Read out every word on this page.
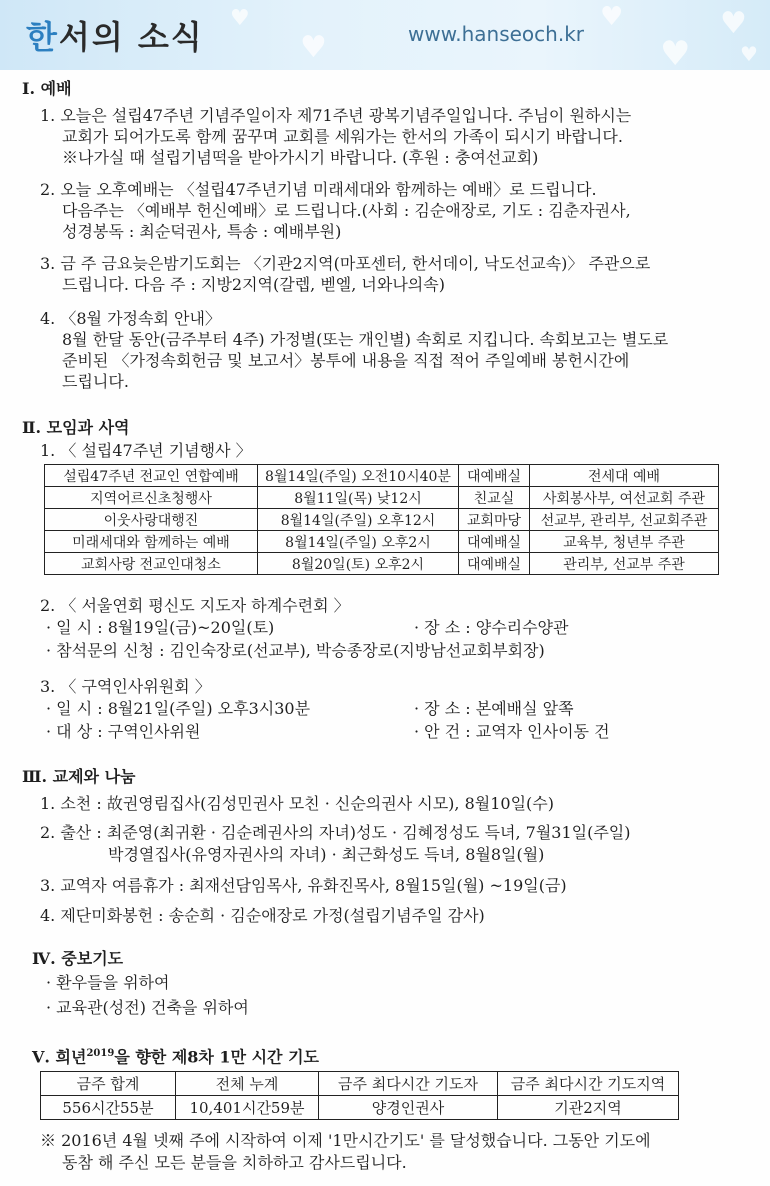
♥
♥
♥
♥
♥
♥
한서의 소식	www.hanseoch.kr
Ⅰ. 예배
1. 오늘은 설립47주년 기념주일이자 제71주년 광복기념주일입니다. 주님이 원하시는
교회가 되어가도록 함께 꿈꾸며 교회를 세워가는 한서의 가족이 되시기 바랍니다.
※나가실 때 설립기념떡을 받아가시기 바랍니다. (후원 : 충여선교회)
2. 오늘 오후예배는 〈설립47주년기념 미래세대와 함께하는 예배〉로 드립니다.
다음주는 〈예배부 헌신예배〉로 드립니다.(사회 : 김순애장로, 기도 : 김춘자권사,
성경봉독 : 최순덕권사, 특송 : 예배부원)
3. 금 주 금요늦은밤기도회는 〈기관2지역(마포센터, 한서데이, 낙도선교속)〉 주관으로
드립니다. 다음 주 : 지방2지역(갈렙, 벧엘, 너와나의속)
4. 〈8월 가정속회 안내〉
8월 한달 동안(금주부터 4주) 가정별(또는 개인별) 속회로 지킵니다. 속회보고는 별도로
준비된 〈가정속회헌금 및 보고서〉봉투에 내용을 직접 적어 주일예배 봉헌시간에
드립니다.
Ⅱ. 모임과 사역
1. 〈 설립47주년 기념행사 〉
설립47주년 전교인 연합예배	8월14일(주일) 오전10시40분	대예배실	전세대 예배
지역어르신초청행사	8월11일(목) 낮12시	친교실	사회봉사부, 여선교회 주관
이웃사랑대행진	8월14일(주일) 오후12시	교회마당	선교부, 관리부, 선교회주관
미래세대와 함께하는 예배	8월14일(주일) 오후2시	대예배실	교육부, 청년부 주관
교회사랑 전교인대청소	8월20일(토) 오후2시	대예배실	관리부, 선교부 주관
2. 〈 서울연회 평신도 지도자 하계수련회 〉
· 일 시 : 8월19일(금)~20일(토)	· 장 소 : 양수리수양관
· 참석문의 신청 : 김인숙장로(선교부), 박승종장로(지방남선교회부회장)
3. 〈 구역인사위원회 〉
· 일 시 : 8월21일(주일) 오후3시30분	· 장 소 : 본예배실 앞쪽
· 대 상 : 구역인사위원	· 안 건 : 교역자 인사이동 건
Ⅲ. 교제와 나눔
1. 소천 : 故권영림집사(김성민권사 모친 · 신순의권사 시모), 8월10일(수)
2. 출산 : 최준영(최귀환 · 김순례권사의 자녀)성도 · 김혜정성도 득녀, 7월31일(주일)
박경열집사(유영자권사의 자녀) · 최근화성도 득녀, 8월8일(월)
3. 교역자 여름휴가 : 최재선담임목사, 유화진목사, 8월15일(월) ~19일(금)
4. 제단미화봉헌 : 송순희 · 김순애장로 가정(설립기념주일 감사)
Ⅳ. 중보기도
· 환우들을 위하여
· 교육관(성전) 건축을 위하여
Ⅴ. 희년$^{2019}$을 향한 제8차 1만 시간 기도
금주 합계	전체 누계	금주 최다시간 기도자	금주 최다시간 기도지역
556시간55분	10,401시간59분	양경인권사	기관2지역
※ 2016년 4월 넷째 주에 시작하여 이제 '1만시간기도' 를 달성했습니다. 그동안 기도에
동참 해 주신 모든 분들을 치하하고 감사드립니다.
